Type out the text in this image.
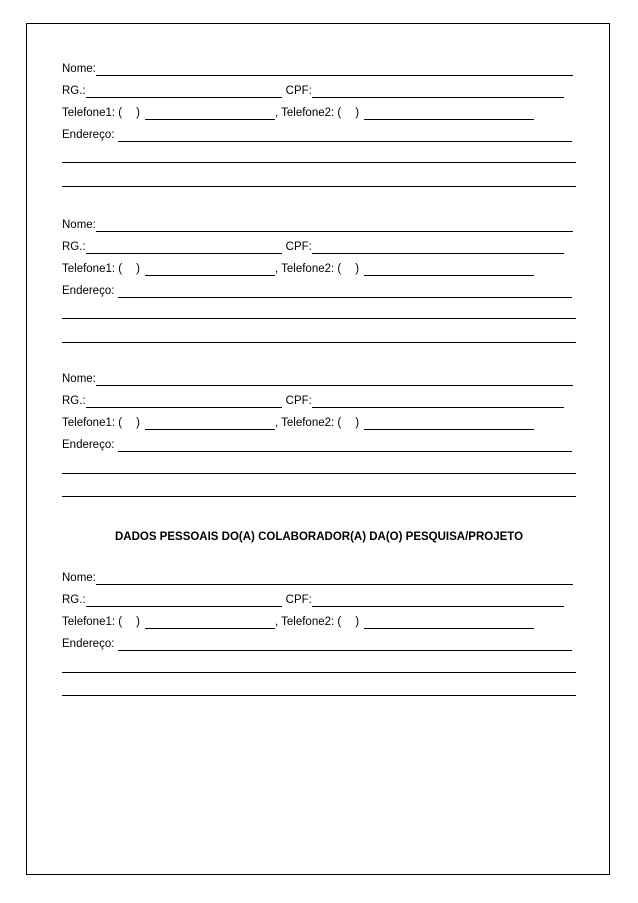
Nome:
RG.:	CPF:
Telefone1: ( )	, Telefone2: ( )
Endereço:
Nome:
RG.:	CPF:
Telefone1: ( )	, Telefone2: ( )
Endereço:
Nome:
RG.:	CPF:
Telefone1: ( )	, Telefone2: ( )
Endereço:
DADOS PESSOAIS DO(A) COLABORADOR(A) DA(O) PESQUISA/PROJETO
Nome:
RG.:	CPF:
Telefone1: ( )	, Telefone2: ( )
Endereço:
